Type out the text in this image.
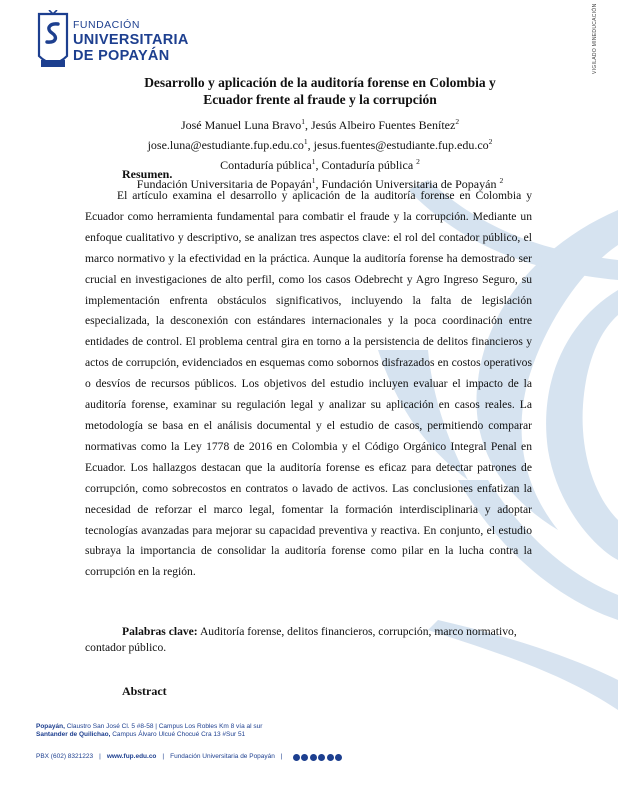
FUNDACIÓN
UNIVERSITARIA
DE POPAYÁN	VIGILADO MINEDUCACIÓN
Desarrollo y aplicación de la auditoría forense en Colombia y
Ecuador frente al fraude y la corrupción
José Manuel Luna Bravo$^1$, Jesús Albeiro Fuentes Benítez$^2$
$jose.luna@estudiante.fup.edu.co^1$, $jesus.fuentes@estudiante.fup.edu.co^2$
Contaduría pública$^1$, Contaduría pública $^2$
Fundación Universitaria de Popayán$^1$, Fundación Universitaria de Popayán $^2$
Resumen.

El artículo examina el desarrollo y aplicación de la auditoría forense en Colombia y Ecuador como herramienta fundamental para combatir el fraude y la corrupción. Mediante un enfoque cualitativo y descriptivo, se analizan tres aspectos clave: el rol del contador público, el marco normativo y la efectividad en la práctica. Aunque la auditoría forense ha demostrado ser crucial en investigaciones de alto perfil, como los casos Odebrecht y Agro Ingreso Seguro, su implementación enfrenta obstáculos significativos, incluyendo la falta de legislación especializada, la desconexión con estándares internacionales y la poca coordinación entre entidades de control. El problema central gira en torno a la persistencia de delitos financieros y actos de corrupción, evidenciados en esquemas como sobornos disfrazados en costos operativos o desvíos de recursos públicos. Los objetivos del estudio incluyen evaluar el impacto de la auditoría forense, examinar su regulación legal y analizar su aplicación en casos reales. La metodología se basa en el análisis documental y el estudio de casos, permitiendo comparar normativas como la Ley 1778 de 2016 en Colombia y el Código Orgánico Integral Penal en Ecuador. Los hallazgos destacan que la auditoría forense es eficaz para detectar patrones de corrupción, como sobrecostos en contratos o lavado de activos. Las conclusiones enfatizan la necesidad de reforzar el marco legal, fomentar la formación interdisciplinaria y adoptar tecnologías avanzadas para mejorar su capacidad preventiva y reactiva. En conjunto, el estudio subraya la importancia de consolidar la auditoría forense como pilar en la lucha contra la corrupción en la región.

Palabras clave: Auditoría forense, delitos financieros, corrupción, marco normativo, contador público.

Abstract
Popayán, Claustro San José Cl. 5 #8-58 | Campus Los Robles Km 8 vía al sur
Santander de Quilichao, Campus Álvaro Ulcué Chocué Cra 13 #Sur 51
PBX (602) 8321223 | www.fup.edu.co | Fundación Universitaria de Popayán |
